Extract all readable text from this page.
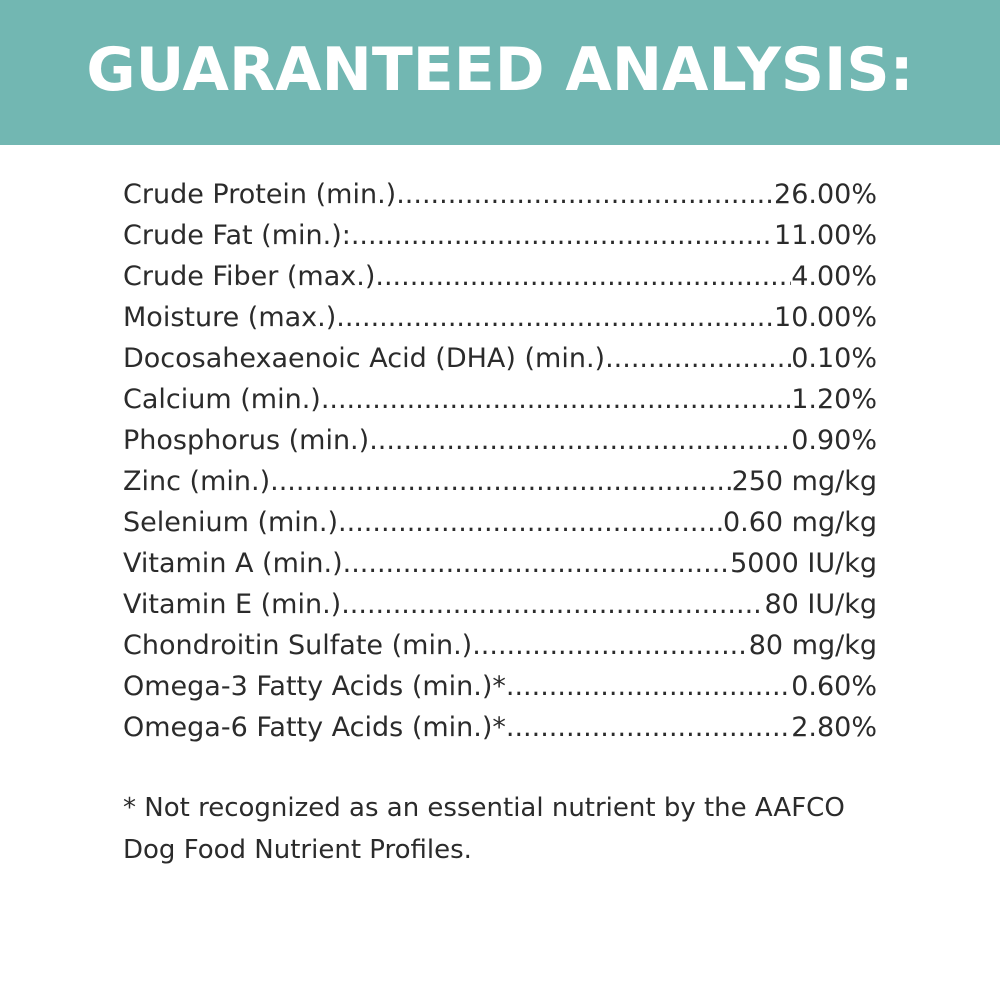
GUARANTEED ANALYSIS:
Crude Protein (min.) .....	26.00%
Crude Fat (min.): .....	11.00%
Crude Fiber (max.) .....	4.00%
Moisture (max.) .....	10.00%
Docosahexaenoic Acid (DHA) (min.) .....	0.10%
Calcium (min.) .....	1.20%
Phosphorus (min.) .....	0.90%
Zinc (min.) .....	250 mg/kg
Selenium (min.) .....	0.60 mg/kg
Vitamin A (min.) .....	5000 IU/kg
Vitamin E (min.) .....	80 IU/kg
Chondroitin Sulfate (min.) .....	80 mg/kg
Omega-3 Fatty Acids (min.)* .....	0.60%
Omega-6 Fatty Acids (min.)* .....	2.80%
* Not recognized as an essential nutrient by the AAFCO
Dog Food Nutrient Profiles.
